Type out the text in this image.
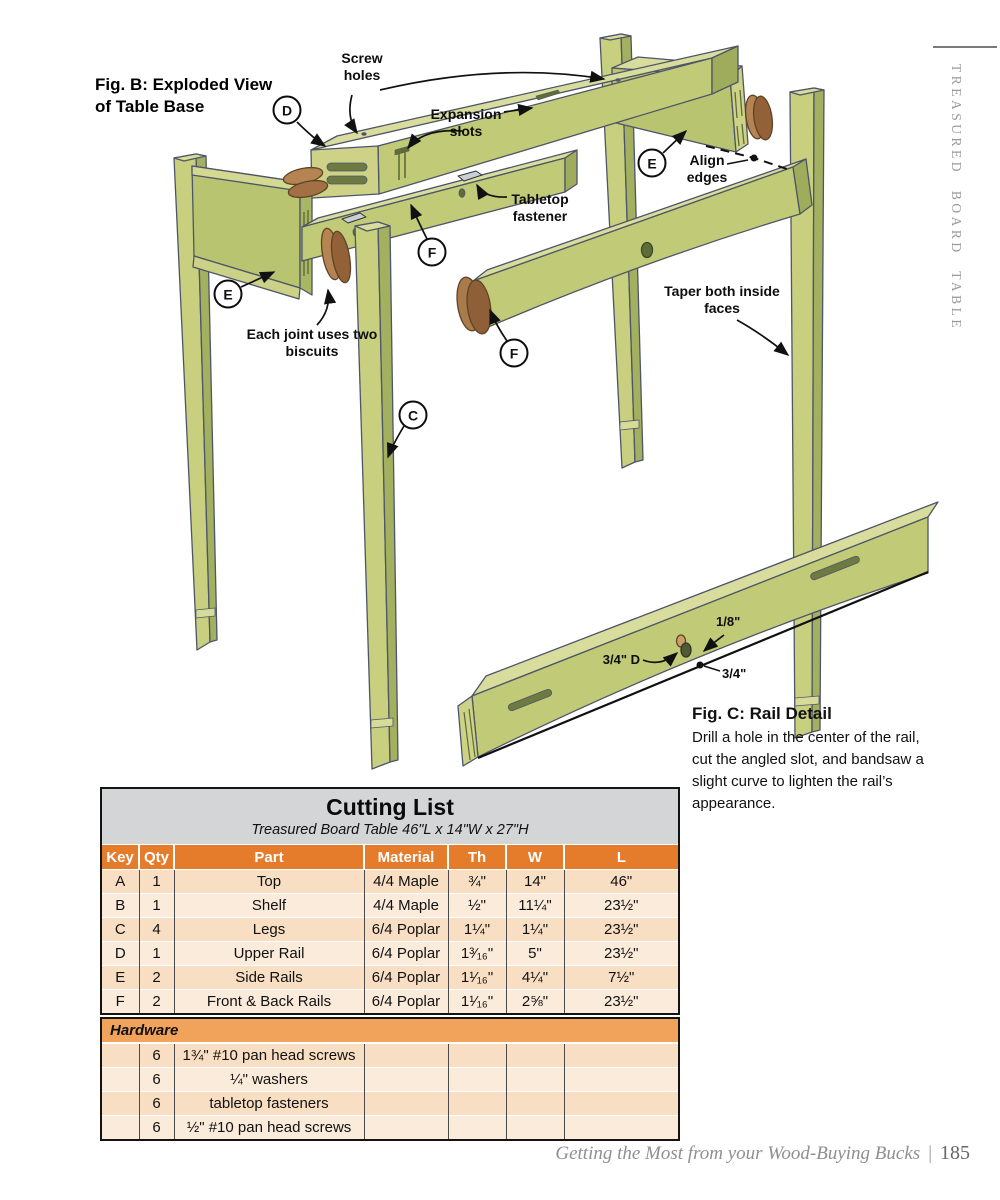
Fig. B: Exploded View of Table Base
Screw holes
Expansion slots
Tabletop fastener
Align edges
Taper both inside faces
Each joint uses two biscuits
D
E
E
F
F
C
1/8"
3/4" D
3/4"
Fig. C: Rail Detail
Drill a hole in the center of the rail, cut the angled slot, and bandsaw a slight curve to lighten the rail’s appearance.
TREASURED BOARD TABLE
Cutting List
Treasured Board Table 46"L x 14"W x 27"H
Key	Qty	Part	Material	Th	W	L
A	1	Top	4/4 Maple	¾"	14"	46"
B	1	Shelf	4/4 Maple	½"	11¼"	23½"
C	4	Legs	6/4 Poplar	1¼"	1¼"	23½"
D	1	Upper Rail	6/4 Poplar	1³⁄₁₆"	5"	23½"
E	2	Side Rails	6/4 Poplar	1¹⁄₁₆"	4¼"	7½"
F	2	Front & Back Rails	6/4 Poplar	1¹⁄₁₆"	2⅝"	23½"
Hardware
	6	1¾" #10 pan head screws				
	6	¼" washers				
	6	tabletop fasteners				
	6	½" #10 pan head screws				
Getting the Most from your Wood-Buying Bucks | 185
